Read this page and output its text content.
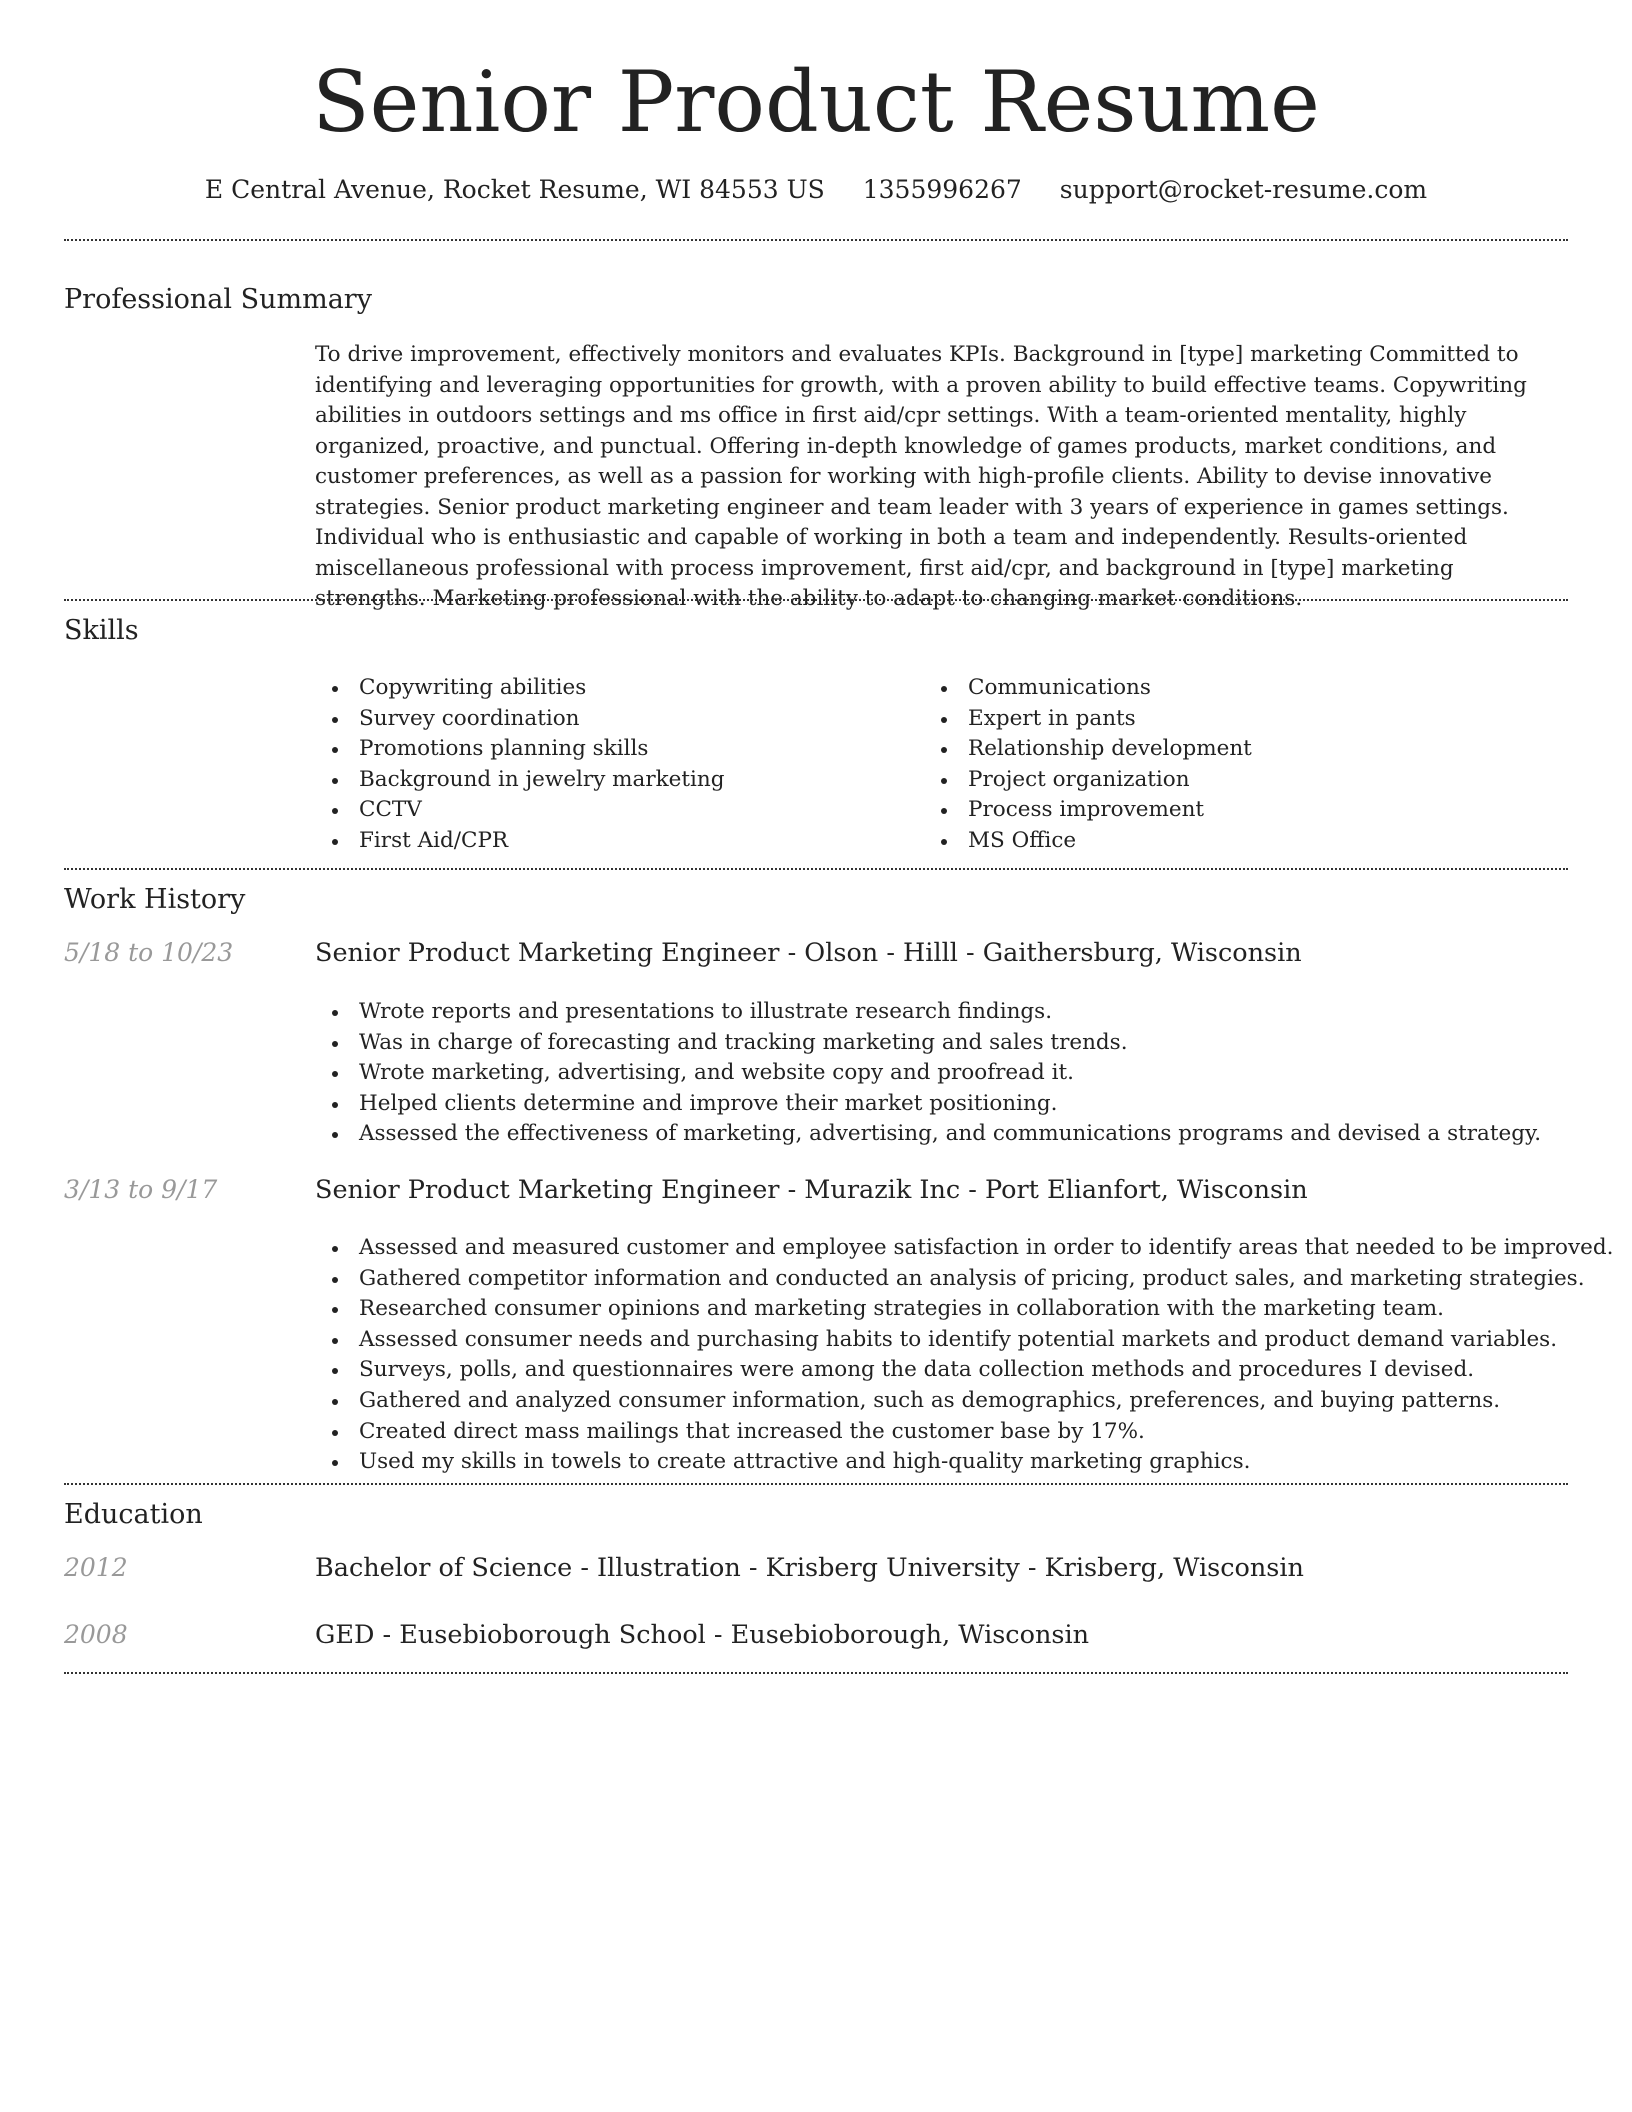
Senior Product Resume
E Central Avenue, Rocket Resume, WI 84553 US 1355996267 support@rocket-resume.com
Professional Summary

To drive improvement, effectively monitors and evaluates KPIs. Background in [type] marketing Committed to identifying and leveraging opportunities for growth, with a proven ability to build effective teams. Copywriting abilities in outdoors settings and ms office in first aid/cpr settings. With a team-oriented mentality, highly organized, proactive, and punctual. Offering in-depth knowledge of games products, market conditions, and customer preferences, as well as a passion for working with high-profile clients. Ability to devise innovative strategies. Senior product marketing engineer and team leader with 3 years of experience in games settings. Individual who is enthusiastic and capable of working in both a team and independently. Results-oriented miscellaneous professional with process improvement, first aid/cpr, and background in [type] marketing strengths. Marketing professional with the ability to adapt to changing market conditions.

Skills
Copywriting abilities
Survey coordination
Promotions planning skills
Background in jewelry marketing
CCTV
First Aid/CPR
Communications
Expert in pants
Relationship development
Project organization
Process improvement
MS Office
Work History
5/18 to 10/23	Senior Product Marketing Engineer - Olson - Hilll - Gaithersburg, Wisconsin
Wrote reports and presentations to illustrate research findings.
Was in charge of forecasting and tracking marketing and sales trends.
Wrote marketing, advertising, and website copy and proofread it.
Helped clients determine and improve their market positioning.
Assessed the effectiveness of marketing, advertising, and communications programs and devised a strategy.
3/13 to 9/17	Senior Product Marketing Engineer - Murazik Inc - Port Elianfort, Wisconsin
Assessed and measured customer and employee satisfaction in order to identify areas that needed to be improved.
Gathered competitor information and conducted an analysis of pricing, product sales, and marketing strategies.
Researched consumer opinions and marketing strategies in collaboration with the marketing team.
Assessed consumer needs and purchasing habits to identify potential markets and product demand variables.
Surveys, polls, and questionnaires were among the data collection methods and procedures I devised.
Gathered and analyzed consumer information, such as demographics, preferences, and buying patterns.
Created direct mass mailings that increased the customer base by 17%.
Used my skills in towels to create attractive and high-quality marketing graphics.
Education
2012	Bachelor of Science - Illustration - Krisberg University - Krisberg, Wisconsin
2008	GED - Eusebioborough School - Eusebioborough, Wisconsin
